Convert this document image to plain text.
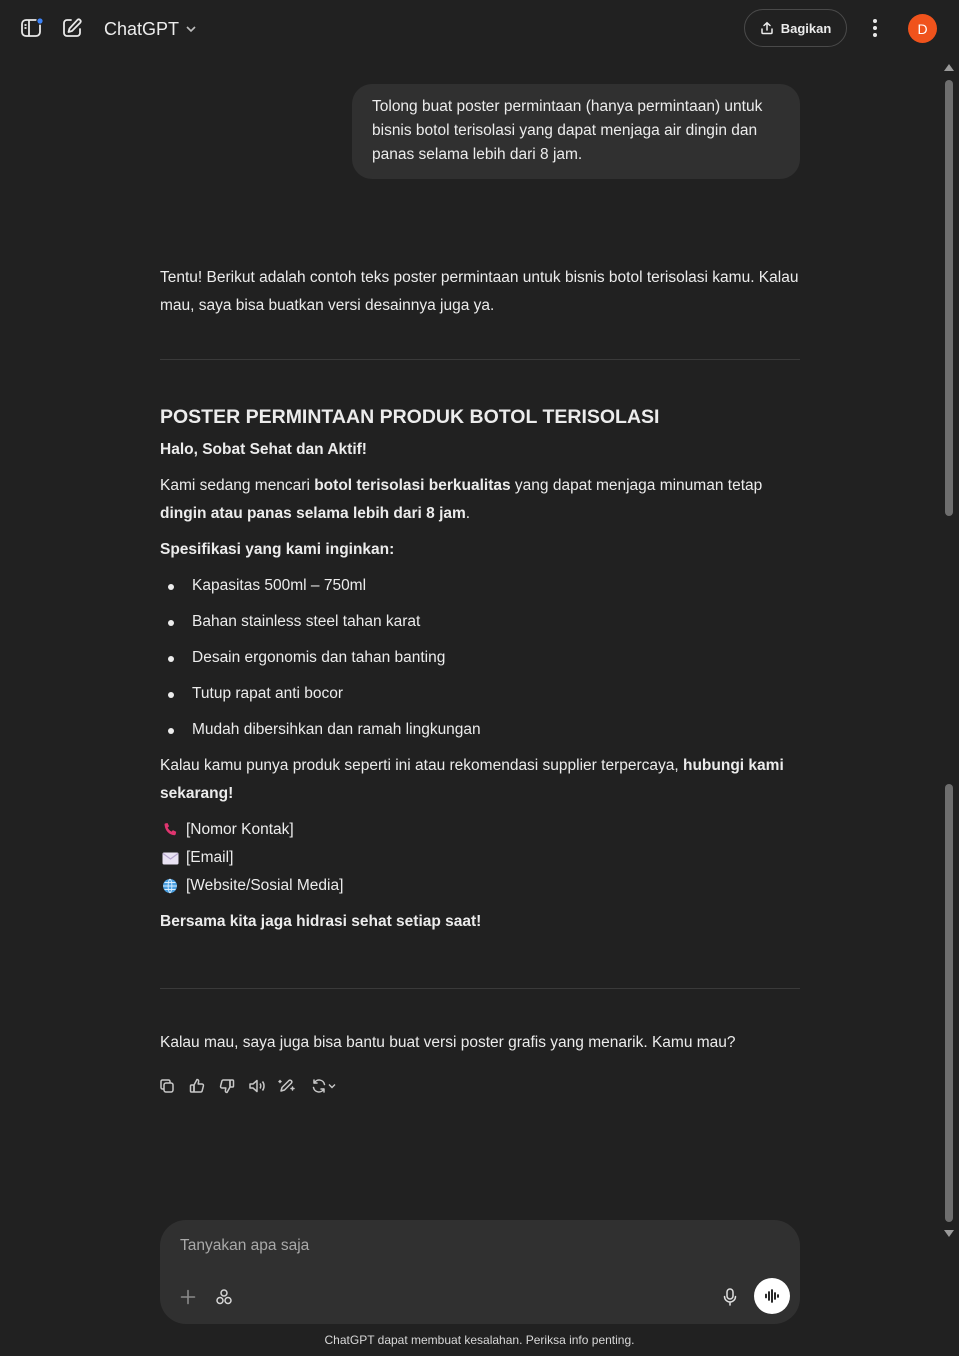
ChatGPT	Bagikan	D
Tolong buat poster permintaan (hanya permintaan) untuk bisnis botol terisolasi yang dapat menjaga air dingin dan panas selama lebih dari 8 jam.
Tentu! Berikut adalah contoh teks poster permintaan untuk bisnis botol terisolasi kamu. Kalau mau, saya bisa buatkan versi desainnya juga ya.
POSTER PERMINTAAN PRODUK BOTOL TERISOLASI

Halo, Sobat Sehat dan Aktif!

Kami sedang mencari botol terisolasi berkualitas yang dapat menjaga minuman tetap dingin atau panas selama lebih dari 8 jam.

Spesifikasi yang kami inginkan:

Kapasitas 500ml – 750ml
Bahan stainless steel tahan karat
Desain ergonomis dan tahan banting
Tutup rapat anti bocor
Mudah dibersihkan dan ramah lingkungan

Kalau kamu punya produk seperti ini atau rekomendasi supplier terpercaya, hubungi kami sekarang!

[Nomor Kontak]
[Email]
[Website/Sosial Media]

Bersama kita jaga hidrasi sehat setiap saat!

Kalau mau, saya juga bisa bantu buat versi poster grafis yang menarik. Kamu mau?
Tanyakan apa saja
ChatGPT dapat membuat kesalahan. Periksa info penting.
